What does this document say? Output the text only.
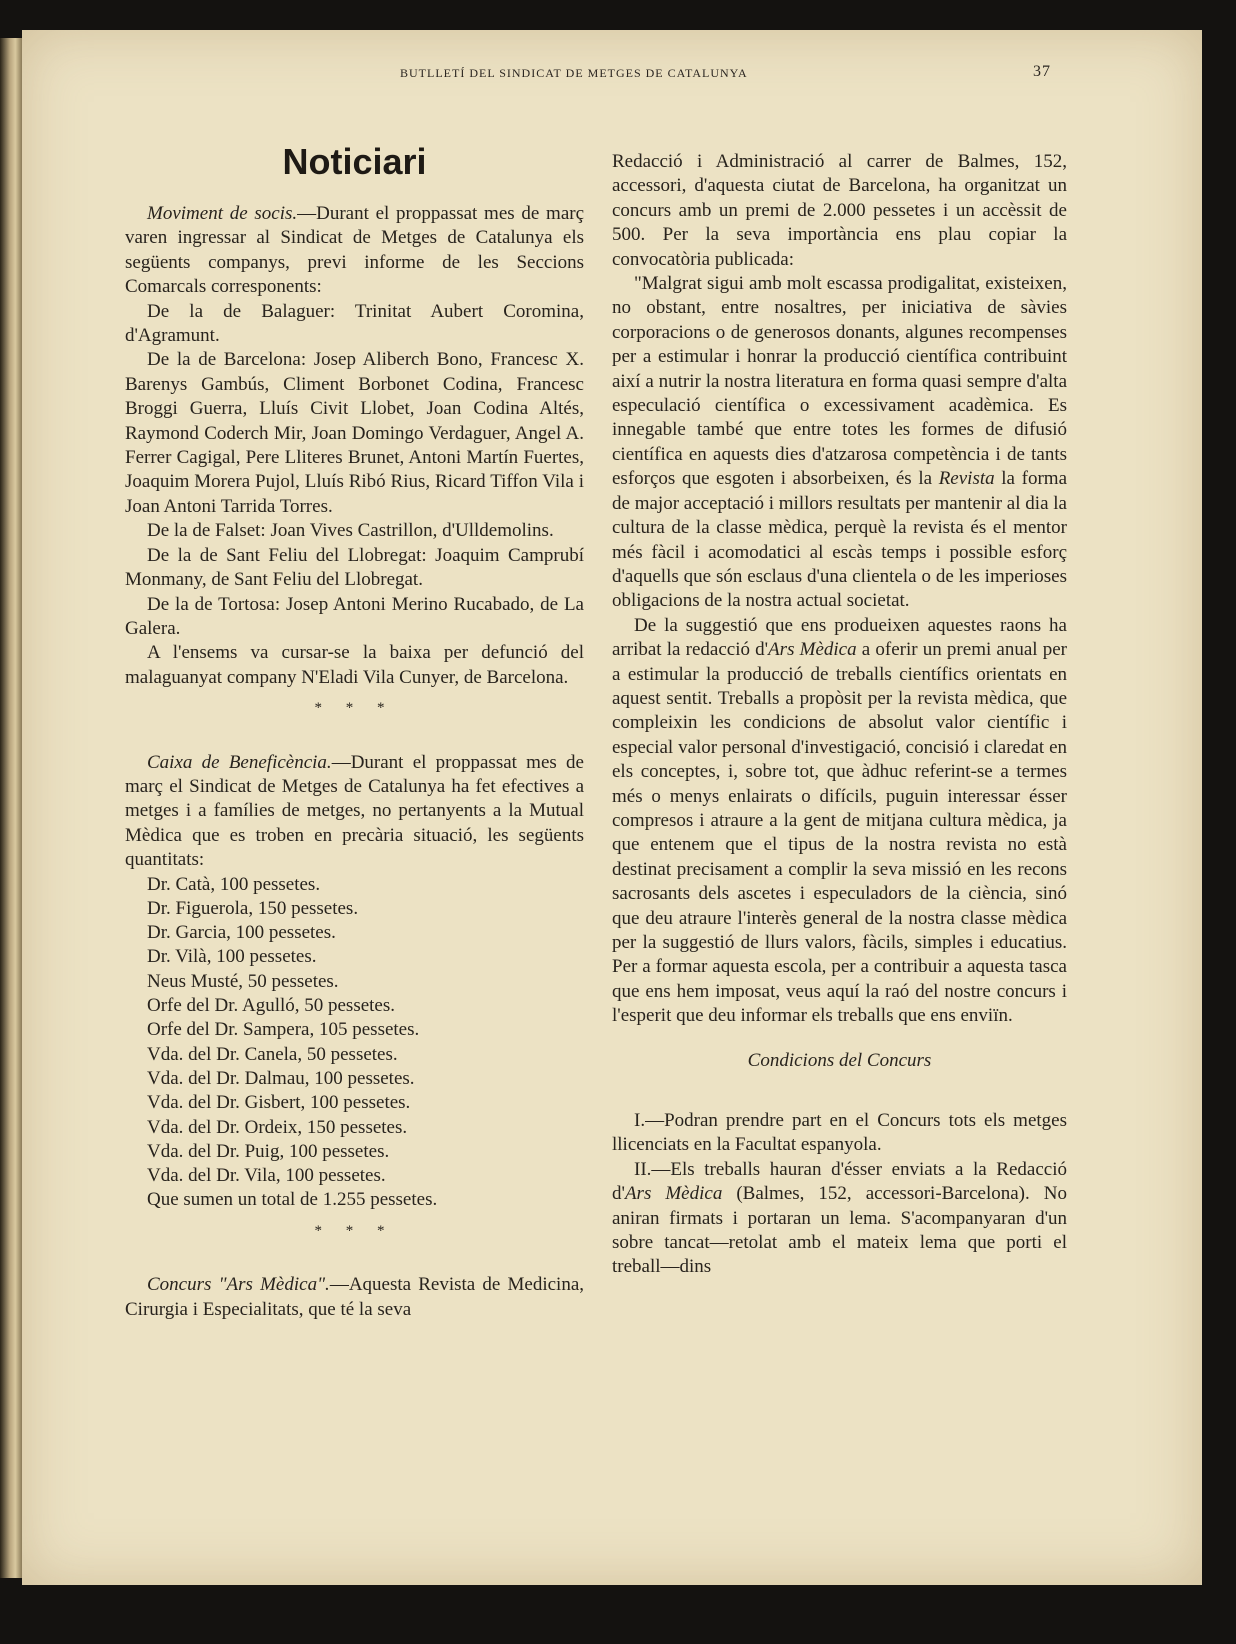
BUTLLETÍ DEL SINDICAT DE METGES DE CATALUNYA	37
Noticiari

Moviment de socis.—Durant el proppassat mes de març varen ingressar al Sindicat de Metges de Catalunya els següents companys, previ informe de les Seccions Comarcals corresponents:

De la de Balaguer: Trinitat Aubert Coromina, d'Agramunt.

De la de Barcelona: Josep Aliberch Bono, Francesc X. Barenys Gambús, Climent Borbonet Codina, Francesc Broggi Guerra, Lluís Civit Llobet, Joan Codina Altés, Raymond Coderch Mir, Joan Domingo Verdaguer, Angel A. Ferrer Cagigal, Pere Lliteres Brunet, Antoni Martín Fuertes, Joaquim Morera Pujol, Lluís Ribó Rius, Ricard Tiffon Vila i Joan Antoni Tarrida Torres.

De la de Falset: Joan Vives Castrillon, d'Ulldemolins.

De la de Sant Feliu del Llobregat: Joaquim Camprubí Monmany, de Sant Feliu del Llobregat.

De la de Tortosa: Josep Antoni Merino Rucabado, de La Galera.

A l'ensems va cursar-se la baixa per defunció del malaguanyat company N'Eladi Vila Cunyer, de Barcelona.

* * *

Caixa de Beneficència.—Durant el proppassat mes de març el Sindicat de Metges de Catalunya ha fet efectives a metges i a famílies de metges, no pertanyents a la Mutual Mèdica que es troben en precària situació, les següents quantitats:

Dr. Catà, 100 pessetes.
Dr. Figuerola, 150 pessetes.
Dr. Garcia, 100 pessetes.
Dr. Vilà, 100 pessetes.
Neus Musté, 50 pessetes.
Orfe del Dr. Agulló, 50 pessetes.
Orfe del Dr. Sampera, 105 pessetes.
Vda. del Dr. Canela, 50 pessetes.
Vda. del Dr. Dalmau, 100 pessetes.
Vda. del Dr. Gisbert, 100 pessetes.
Vda. del Dr. Ordeix, 150 pessetes.
Vda. del Dr. Puig, 100 pessetes.
Vda. del Dr. Vila, 100 pessetes.
Que sumen un total de 1.255 pessetes.
* * *

Concurs "Ars Mèdica".—Aquesta Revista de Medicina, Cirurgia i Especialitats, que té la seva

Redacció i Administració al carrer de Balmes, 152, accessori, d'aquesta ciutat de Barcelona, ha organitzat un concurs amb un premi de 2.000 pessetes i un accèssit de 500. Per la seva importància ens plau copiar la convocatòria publicada:

"Malgrat sigui amb molt escassa prodigalitat, existeixen, no obstant, entre nosaltres, per iniciativa de sàvies corporacions o de generosos donants, algunes recompenses per a estimular i honrar la producció científica contribuint així a nutrir la nostra literatura en forma quasi sempre d'alta especulació científica o excessivament acadèmica. Es innegable també que entre totes les formes de difusió científica en aquests dies d'atzarosa competència i de tants esforços que esgoten i absorbeixen, és la Revista la forma de major acceptació i millors resultats per mantenir al dia la cultura de la classe mèdica, perquè la revista és el mentor més fàcil i acomodatici al escàs temps i possible esforç d'aquells que són esclaus d'una clientela o de les imperioses obligacions de la nostra actual societat.

De la suggestió que ens produeixen aquestes raons ha arribat la redacció d'Ars Mèdica a oferir un premi anual per a estimular la producció de treballs científics orientats en aquest sentit. Treballs a propòsit per la revista mèdica, que compleixin les condicions de absolut valor científic i especial valor personal d'investigació, concisió i claredat en els conceptes, i, sobre tot, que àdhuc referint-se a termes més o menys enlairats o difícils, puguin interessar ésser compresos i atraure a la gent de mitjana cultura mèdica, ja que entenem que el tipus de la nostra revista no està destinat precisament a complir la seva missió en les recons sacrosants dels ascetes i especuladors de la ciència, sinó que deu atraure l'interès general de la nostra classe mèdica per la suggestió de llurs valors, fàcils, simples i educatius. Per a formar aquesta escola, per a contribuir a aquesta tasca que ens hem imposat, veus aquí la raó del nostre concurs i l'esperit que deu informar els treballs que ens enviïn.

Condicions del Concurs

I.—Podran prendre part en el Concurs tots els metges llicenciats en la Facultat espanyola.

II.—Els treballs hauran d'ésser enviats a la Redacció d'Ars Mèdica (Balmes, 152, accessori-Barcelona). No aniran firmats i portaran un lema. S'acompanyaran d'un sobre tancat—retolat amb el mateix lema que porti el treball—dins
